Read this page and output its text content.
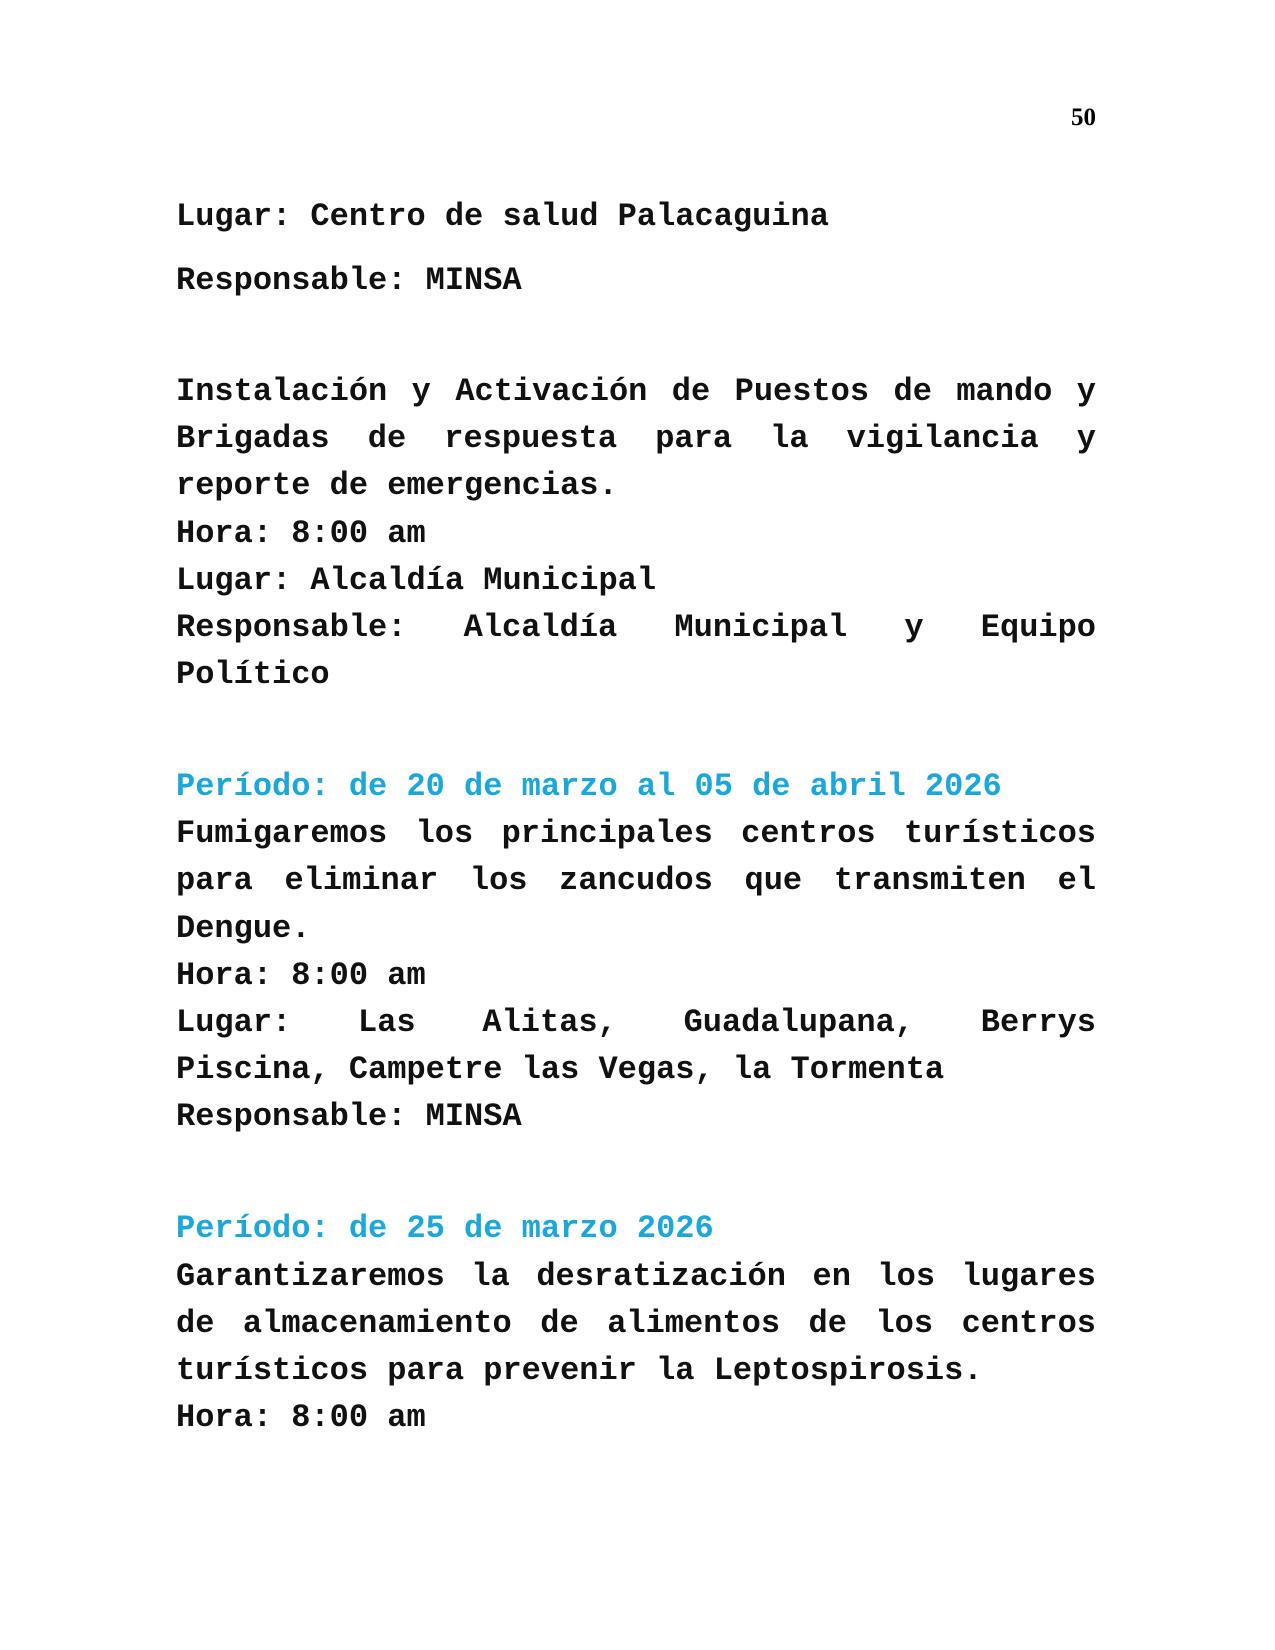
50
Lugar: Centro de salud Palacaguina
Responsable: MINSA
Instalación y Activación de Puestos de mando y
Brigadas de respuesta para la vigilancia y
reporte de emergencias.
Hora: 8:00 am
Lugar: Alcaldía Municipal
Responsable: Alcaldía Municipal y Equipo
Político
Período: de 20 de marzo al 05 de abril 2026
Fumigaremos los principales centros turísticos
para eliminar los zancudos que transmiten el
Dengue.
Hora: 8:00 am
Lugar: Las Alitas, Guadalupana, Berrys
Piscina, Campetre las Vegas, la Tormenta
Responsable: MINSA
Período: de 25 de marzo 2026
Garantizaremos la desratización en los lugares
de almacenamiento de alimentos de los centros
turísticos para prevenir la Leptospirosis.
Hora: 8:00 am
